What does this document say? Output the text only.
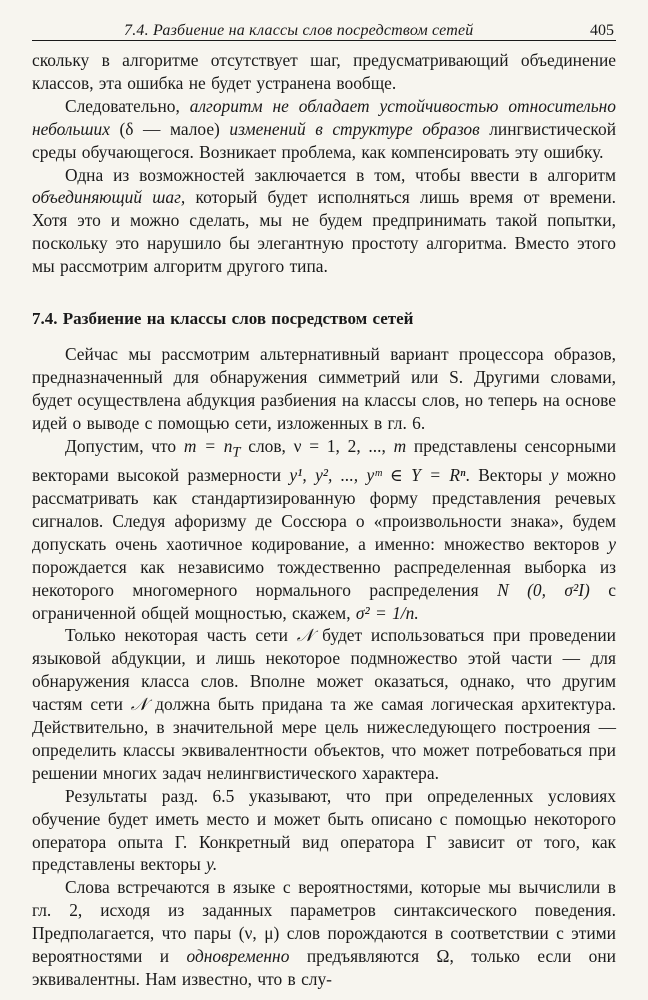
7.4. Разбиение на классы слов посредством сетей	405

скольку в алгоритме отсутствует шаг, предусматривающий объединение классов, эта ошибка не будет устранена вообще.

Следовательно, алгоритм не обладает устойчивостью относительно небольших (δ — малое) изменений в структуре образов лингвистической среды обучающегося. Возникает проблема, как компенсировать эту ошибку.

Одна из возможностей заключается в том, чтобы ввести в алгоритм объединяющий шаг, который будет исполняться лишь время от времени. Хотя это и можно сделать, мы не будем предпринимать такой попытки, поскольку это нарушило бы элегантную простоту алгоритма. Вместо этого мы рассмотрим алгоритм другого типа.

7.4. Разбиение на классы слов посредством сетей

Сейчас мы рассмотрим альтернативный вариант процессора образов, предназначенный для обнаружения симметрий или S. Другими словами, будет осуществлена абдукция разбиения на классы слов, но теперь на основе идей о выводе с помощью сети, изложенных в гл. 6.

Допустим, что $m = n_T$ слов, ν = 1, 2, ..., m представлены сенсорными векторами высокой размерности y¹, y², ..., yᵐ ∈ Y = Rⁿ. Векторы y можно рассматривать как стандартизированную форму представления речевых сигналов. Следуя афоризму де Соссюра о «произвольности знака», будем допускать очень хаотичное кодирование, а именно: множество векторов y порождается как независимо тождественно распределенная выборка из некоторого многомерного нормального распределения N (0, σ²I) с ограниченной общей мощностью, скажем, σ² = 1/n.

Только некоторая часть сети 𝒩 будет использоваться при проведении языковой абдукции, и лишь некоторое подмножество этой части — для обнаружения класса слов. Вполне может оказаться, однако, что другим частям сети 𝒩 должна быть придана та же самая логическая архитектура. Действительно, в значительной мере цель нижеследующего построения — определить классы эквивалентности объектов, что может потребоваться при решении многих задач нелингвистического характера.

Результаты разд. 6.5 указывают, что при определенных условиях обучение будет иметь место и может быть описано с помощью некоторого оператора опыта Г. Конкретный вид оператора Г зависит от того, как представлены векторы y.

Слова встречаются в языке с вероятностями, которые мы вычислили в гл. 2, исходя из заданных параметров синтаксического поведения. Предполагается, что пары (ν, μ) слов порождаются в соответствии с этими вероятностями и одновременно предъявляются Ω, только если они эквивалентны. Нам известно, что в слу-
